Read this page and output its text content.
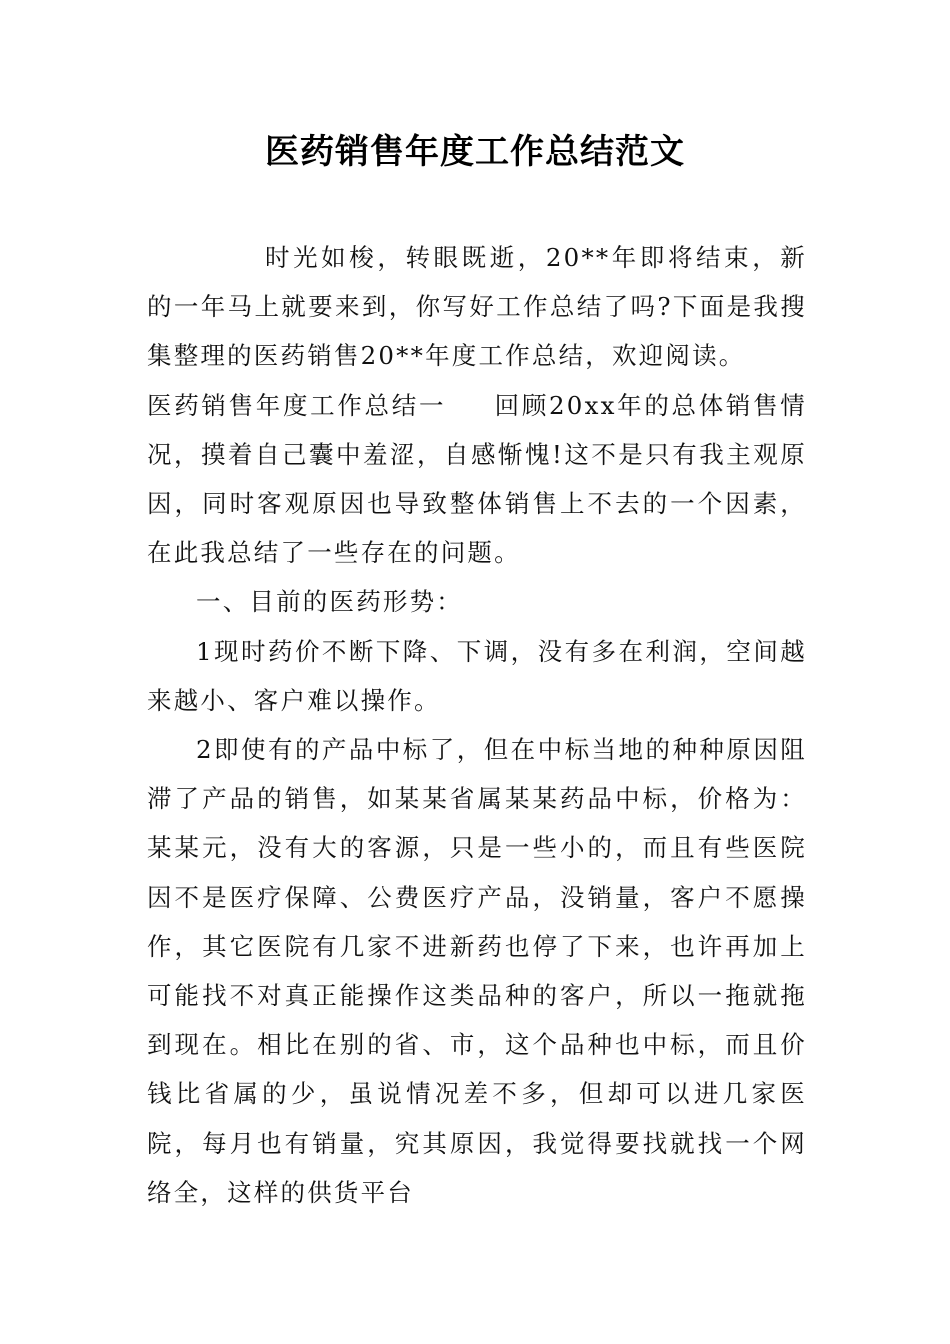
医药销售年度工作总结范文

时光如梭，转眼既逝，20**年即将结束，新的一年马上就要来到，你写好工作总结了吗?下面是我搜集整理的医药销售20**年度工作总结，欢迎阅读。

医药销售年度工作总结一 回顾20xx年的总体销售情况，摸着自己囊中羞涩，自感惭愧!这不是只有我主观原因，同时客观原因也导致整体销售上不去的一个因素，在此我总结了一些存在的问题。

一、目前的医药形势：

1现时药价不断下降、下调，没有多在利润，空间越来越小、客户难以操作。

2即使有的产品中标了，但在中标当地的种种原因阻滞了产品的销售，如某某省属某某药品中标，价格为：某某元，没有大的客源，只是一些小的，而且有些医院因不是医疗保障、公费医疗产品，没销量，客户不愿操作，其它医院有几家不进新药也停了下来，也许再加上可能找不对真正能操作这类品种的客户，所以一拖就拖到现在。相比在别的省、市，这个品种也中标，而且价钱比省属的少，虽说情况差不多，但却可以进几家医院，每月也有销量，究其原因，我觉得要找就找一个网络全，这样的供货平台
